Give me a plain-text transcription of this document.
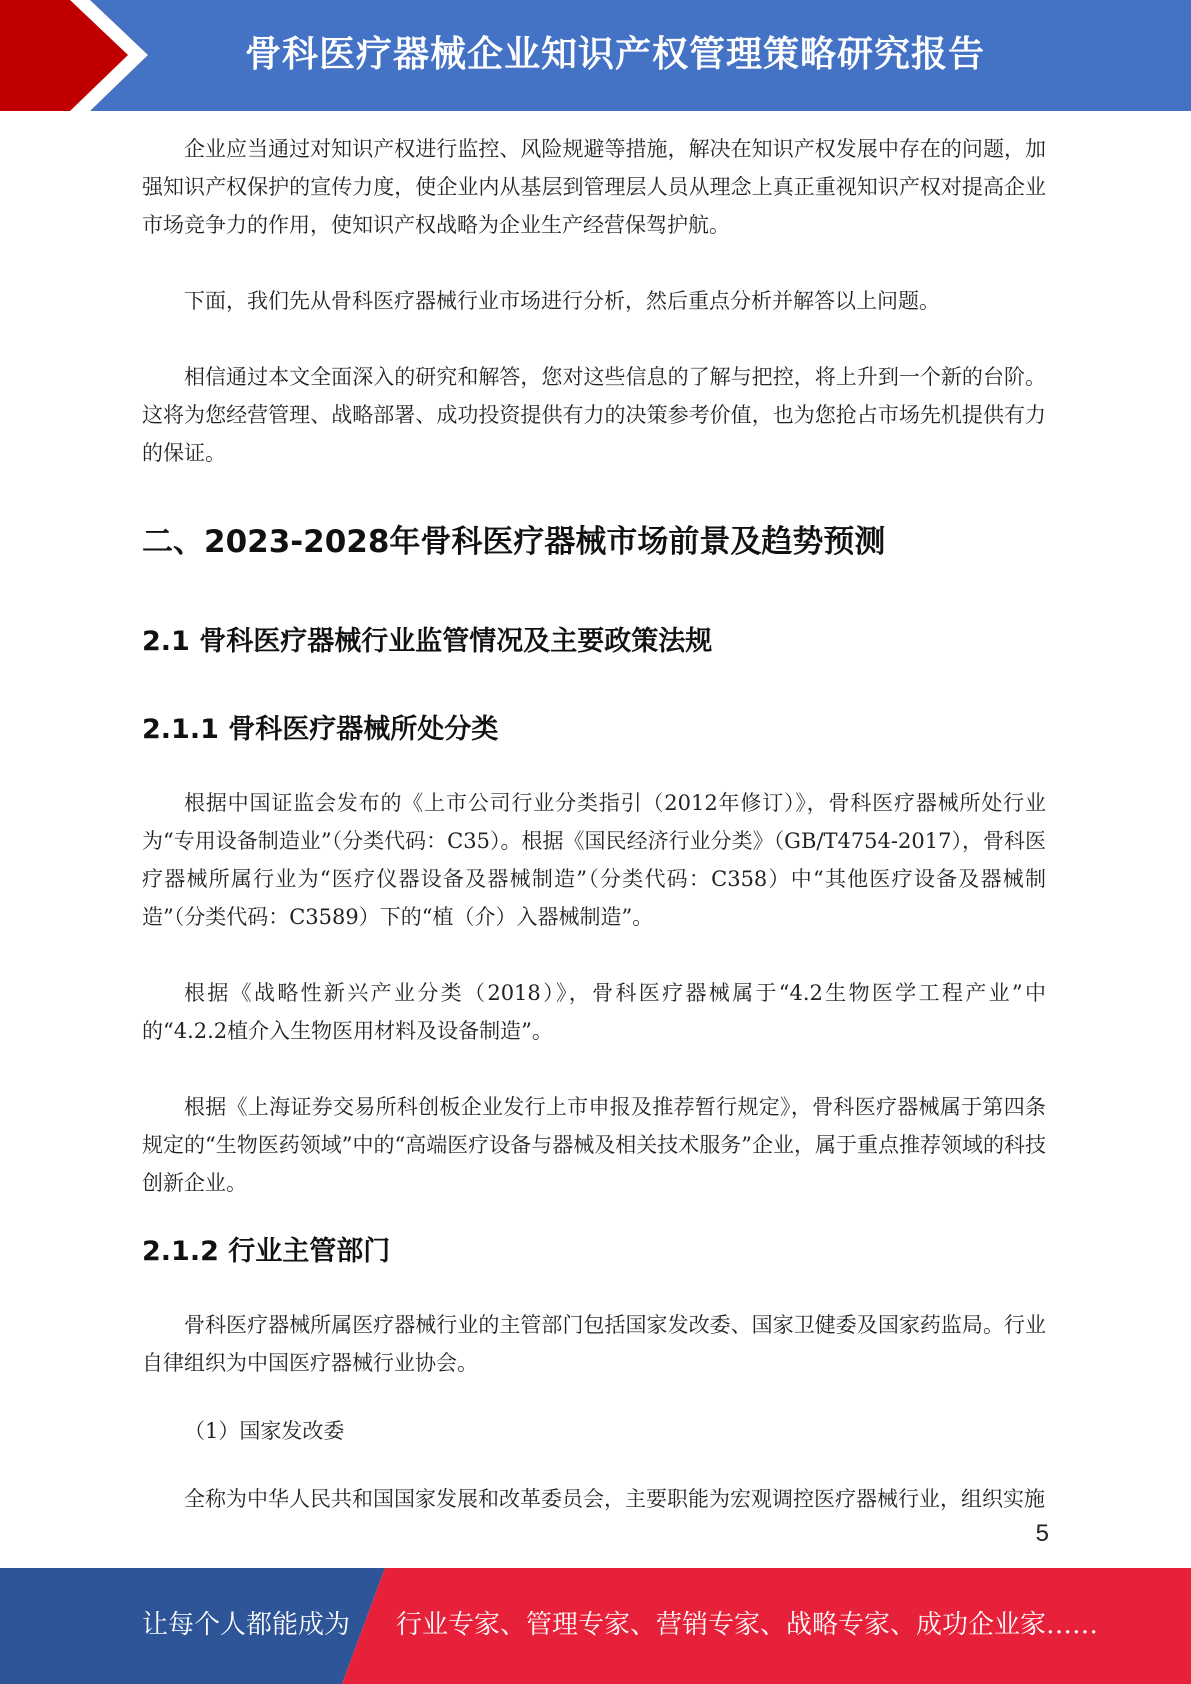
骨科医疗器械企业知识产权管理策略研究报告

企业应当通过对知识产权进行监控、风险规避等措施，解决在知识产权发展中存在的问题，加强知识产权保护的宣传力度，使企业内从基层到管理层人员从理念上真正重视知识产权对提高企业市场竞争力的作用，使知识产权战略为企业生产经营保驾护航。

下面，我们先从骨科医疗器械行业市场进行分析，然后重点分析并解答以上问题。

相信通过本文全面深入的研究和解答，您对这些信息的了解与把控，将上升到一个新的台阶。这将为您经营管理、战略部署、成功投资提供有力的决策参考价值，也为您抢占市场先机提供有力的保证。

二、2023-2028年骨科医疗器械市场前景及趋势预测
2.1 骨科医疗器械行业监管情况及主要政策法规
2.1.1 骨科医疗器械所处分类

根据中国证监会发布的《上市公司行业分类指引（2012年修订）》，骨科医疗器械所处行业为“专用设备制造业”（分类代码：C35）。根据《国民经济行业分类》（GB/T4754-2017），骨科医疗器械所属行业为“医疗仪器设备及器械制造”（分类代码：C358）中“其他医疗设备及器械制造”（分类代码：C3589）下的“植（介）入器械制造”。

根据《战略性新兴产业分类（2018）》，骨科医疗器械属于“4.2生物医学工程产业”中的“4.2.2植介入生物医用材料及设备制造”。

根据《上海证券交易所科创板企业发行上市申报及推荐暂行规定》，骨科医疗器械属于第四条规定的“生物医药领域”中的“高端医疗设备与器械及相关技术服务”企业，属于重点推荐领域的科技创新企业。

2.1.2 行业主管部门

骨科医疗器械所属医疗器械行业的主管部门包括国家发改委、国家卫健委及国家药监局。行业自律组织为中国医疗器械行业协会。

（1）国家发改委

全称为中华人民共和国国家发展和改革委员会，主要职能为宏观调控医疗器械行业，组织实施

5
让每个人都能成为 行业专家、管理专家、营销专家、战略专家、成功企业家……
